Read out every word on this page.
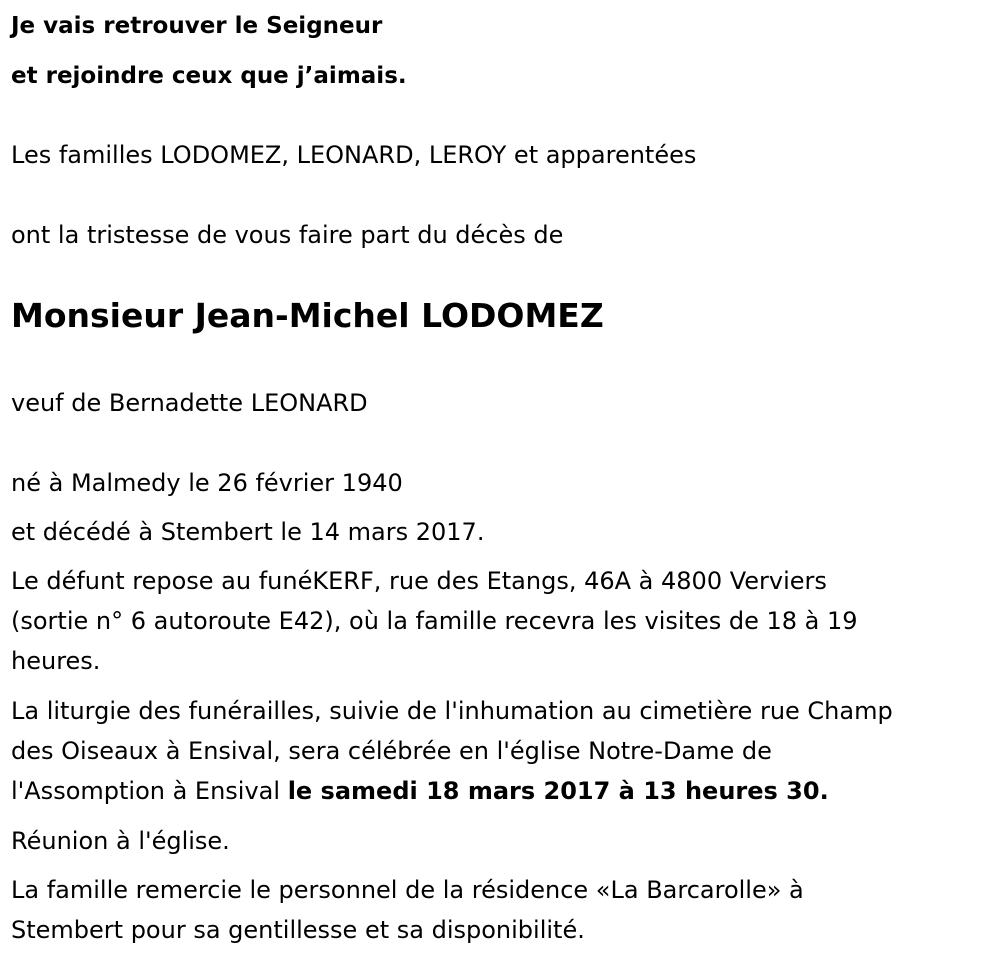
Je vais retrouver le Seigneur

et rejoindre ceux que j’aimais.

Les familles LODOMEZ, LEONARD, LEROY et apparentées

ont la tristesse de vous faire part du décès de

Monsieur Jean-Michel LODOMEZ

veuf de Bernadette LEONARD

né à Malmedy le 26 février 1940

et décédé à Stembert le 14 mars 2017.

Le défunt repose au funéKERF, rue des Etangs, 46A à 4800 Verviers
(sortie n° 6 autoroute E42), où la famille recevra les visites de 18 à 19
heures.
La liturgie des funérailles, suivie de l'inhumation au cimetière rue Champ
des Oiseaux à Ensival, sera célébrée en l'église Notre-Dame de
l'Assomption à Ensival le samedi 18 mars 2017 à 13 heures 30.

Réunion à l'église.

La famille remercie le personnel de la résidence «La Barcarolle» à
Stembert pour sa gentillesse et sa disponibilité.
